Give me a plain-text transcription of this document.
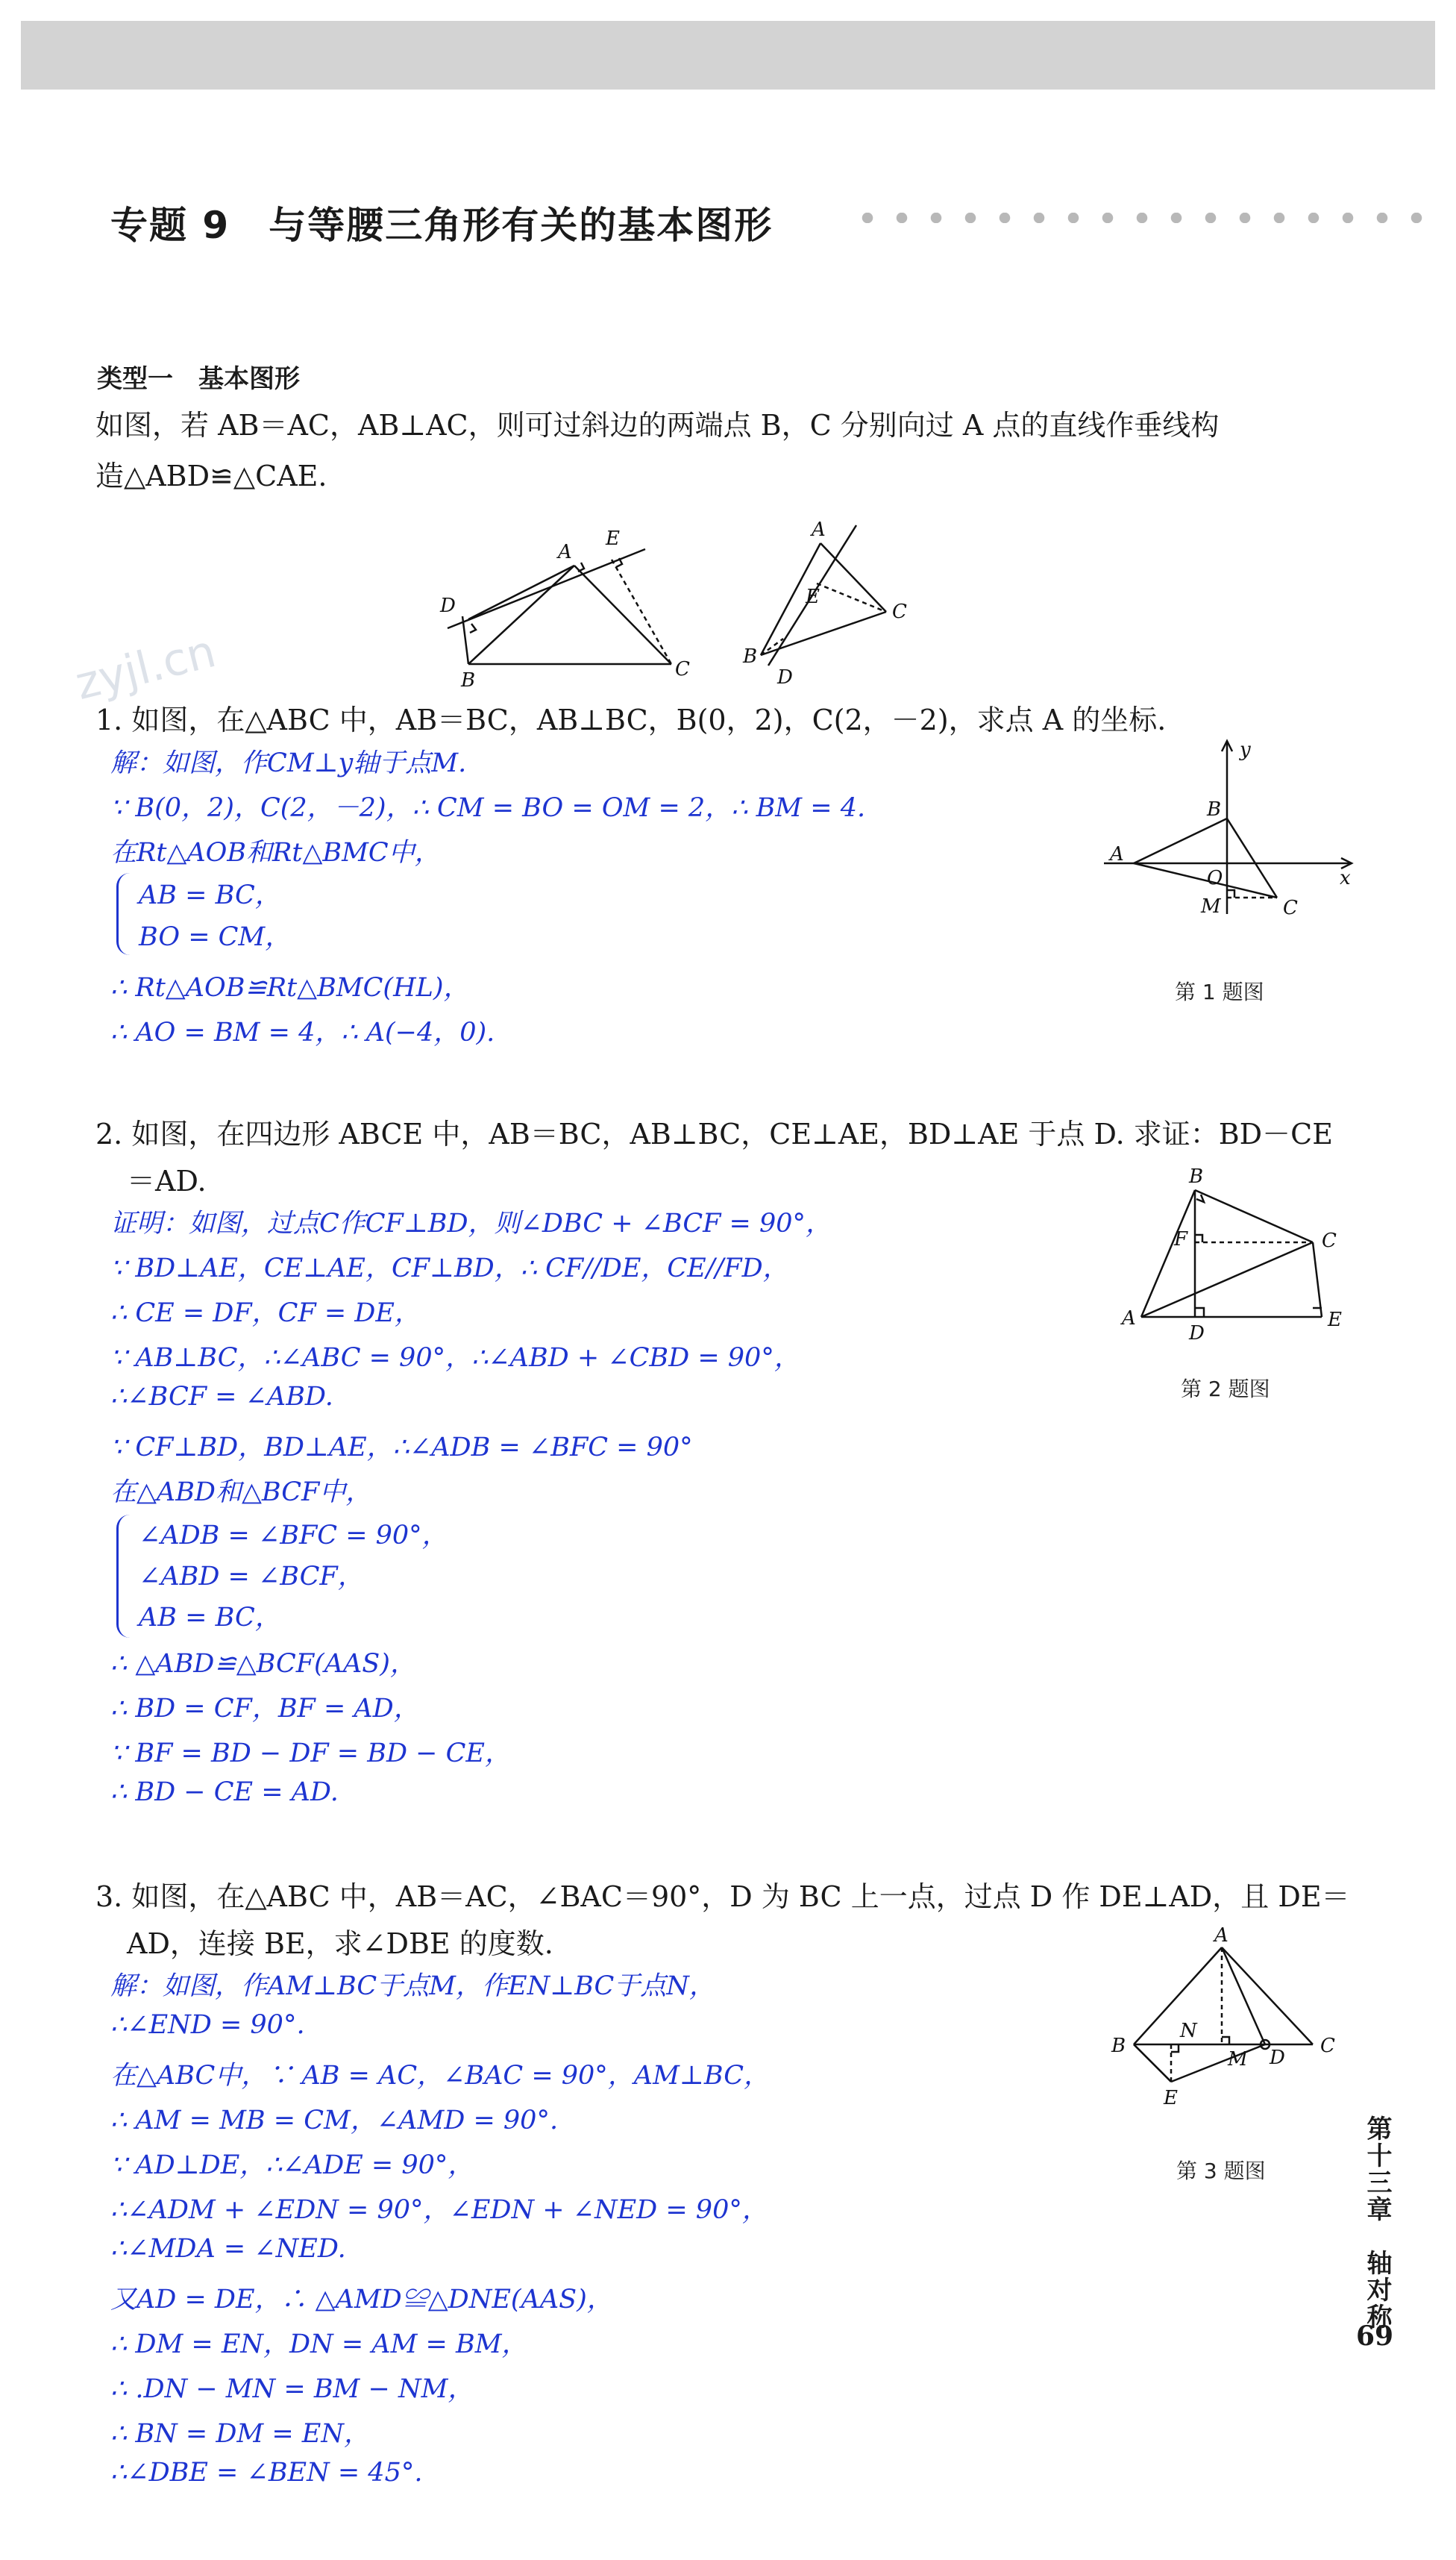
专题 9　与等腰三角形有关的基本图形
类型一　基本图形
如图，若 AB＝AC，AB⊥AC，则可过斜边的两端点 B，C 分别向过 A 点的直线作垂线构
造△ABD≌△CAE.
A
E
D
B	C
A
E
B
D
C
zyjl.cn
1. 如图，在△ABC 中，AB＝BC，AB⊥BC，B(0，2)，C(2，－2)，求点 A 的坐标.
解：如图，作CM⊥y轴于点M.
∵ B(0，2)，C(2，－2)，∴ CM = BO = OM = 2，∴ BM = 4.
在Rt△AOB和Rt△BMC中，
AB = BC，
BO = CM，
∴ Rt△AOB≌Rt△BMC(HL)，
∴ AO = BM = 4，∴ A(−4，0).
y
B
A
O	x
M	C
第 1 题图
2. 如图，在四边形 ABCE 中，AB＝BC，AB⊥BC，CE⊥AE，BD⊥AE 于点 D. 求证：BD－CE
＝AD.
证明：如图，过点C作CF⊥BD，则∠DBC + ∠BCF = 90°，
∵ BD⊥AE，CE⊥AE，CF⊥BD，∴ CF//DE，CE//FD，
∴ CE = DF，CF = DE，
∵ AB⊥BC，∴∠ABC = 90°，∴∠ABD + ∠CBD = 90°，
∴∠BCF = ∠ABD.
∵ CF⊥BD，BD⊥AE，∴∠ADB = ∠BFC = 90°
在△ABD和△BCF中，
∠ADB = ∠BFC = 90°，
∠ABD = ∠BCF，
AB = BC，
∴ △ABD≌△BCF(AAS)，
∴ BD = CF，BF = AD，
∵ BF = BD − DF = BD − CE，
∴ BD − CE = AD.
B
F	C
A
D
E
第 2 题图
3. 如图，在△ABC 中，AB＝AC，∠BAC＝90°，D 为 BC 上一点，过点 D 作 DE⊥AD，且 DE＝
AD，连接 BE，求∠DBE 的度数.
解：如图，作AM⊥BC于点M，作EN⊥BC于点N，
∴∠END = 90°.
在△ABC中，∵ AB = AC，∠BAC = 90°，AM⊥BC，
∴ AM = MB = CM，∠AMD = 90°.
∵ AD⊥DE，∴∠ADE = 90°，
∴∠ADM + ∠EDN = 90°，∠EDN + ∠NED = 90°，
∴∠MDA = ∠NED.
又AD = DE，∴ △AMD≌△DNE(AAS)，
∴ DM = EN，DN = AM = BM，
∴ .DN − MN = BM − NM，
∴ BN = DM = EN，
∴∠DBE = ∠BEN = 45°.
A
B
N
M D
C
E
第 3 题图	第十三章　轴对称
69
